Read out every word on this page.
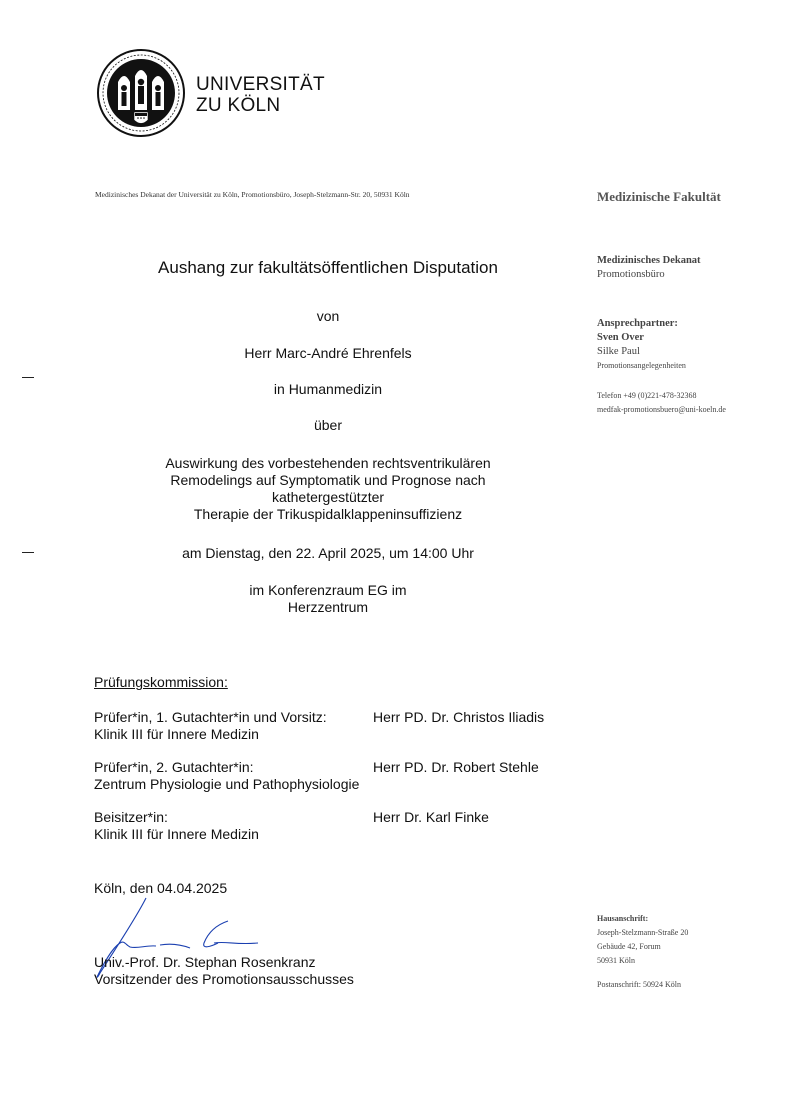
UNIVERSITÄT
ZU KÖLN
Medizinisches Dekanat der Universität zu Köln, Promotionsbüro, Joseph-Stelzmann-Str. 20, 50931 Köln	Medizinische Fakultät
Medizinisches Dekanat
Promotionsbüro
Ansprechpartner:
Sven Over
Silke Paul
Promotionsangelegenheiten
Telefon +49 (0)221-478-32368
medfak-promotionsbuero@uni-koeln.de
Aushang zur fakultätsöffentlichen Disputation
von
Herr Marc-André Ehrenfels
in Humanmedizin
über
Auswirkung des vorbestehenden rechtsventrikulären
Remodelings auf Symptomatik und Prognose nach
kathetergestützter
Therapie der Trikuspidalklappeninsuffizienz
am Dienstag, den 22. April 2025, um 14:00 Uhr
im Konferenzraum EG im
Herzzentrum
Prüfungskommission:
Prüfer*in, 1. Gutachter*in und Vorsitz:
Klinik III für Innere Medizin
Herr PD. Dr. Christos Iliadis
Prüfer*in, 2. Gutachter*in:
Zentrum Physiologie und Pathophysiologie
Herr PD. Dr. Robert Stehle
Beisitzer*in:
Klinik III für Innere Medizin
Herr Dr. Karl Finke
Köln, den 04.04.2025
Univ.-Prof. Dr. Stephan Rosenkranz
Vorsitzender des Promotionsausschusses
Hausanschrift:
Joseph-Stelzmann-Straße 20
Gebäude 42, Forum
50931 Köln
Postanschrift: 50924 Köln
